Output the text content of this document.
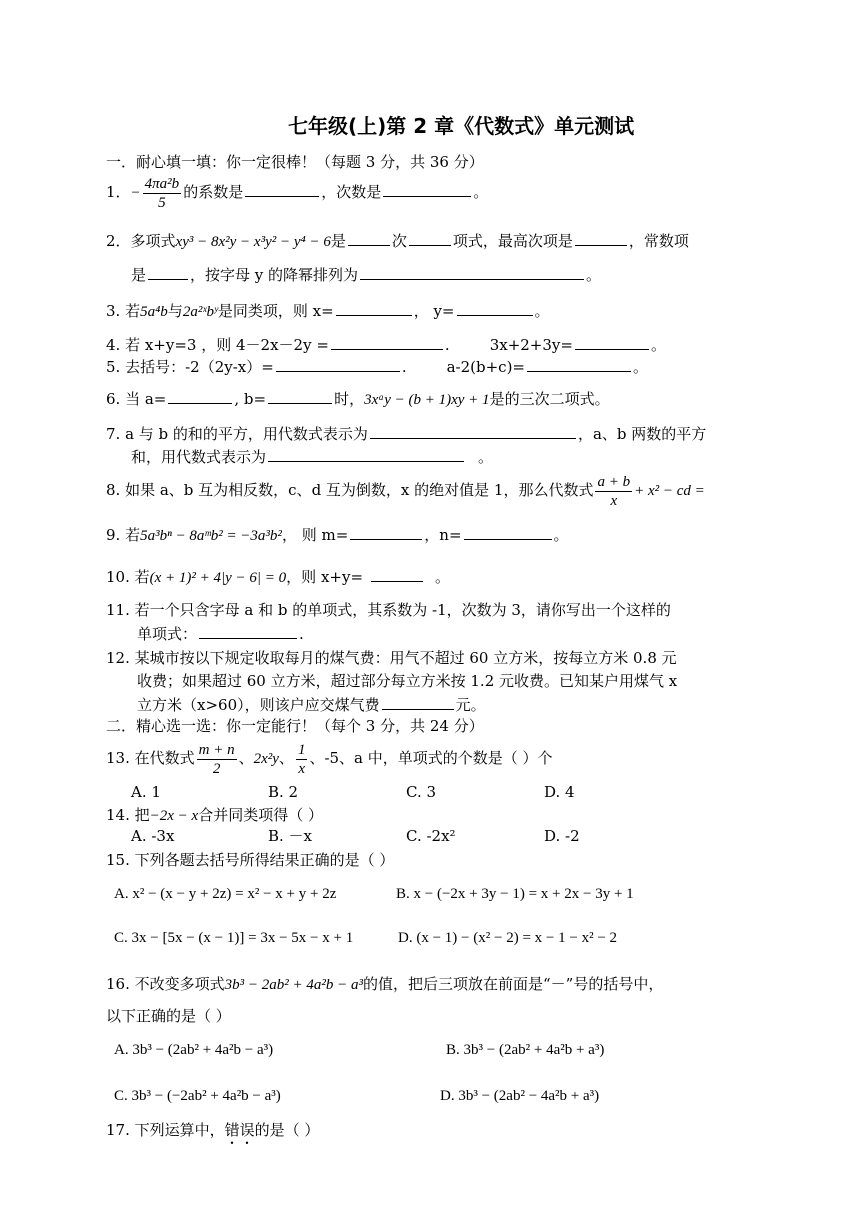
七年级(上)第 2 章《代数式》单元测试
一．耐心填一填：你一定很棒！（每题 3 分，共 36 分）
1．− $\frac{\text{4πa²b}}{5}$ 的系数是	，次数是	。
2．多项式xy³ − 8x²y − x³y² − y⁴ − 6是	次	项式，最高次项是	，常数项
是	，按字母 y 的降幂排列为	。
3. 若5a⁴b与2a²ˣbʸ是同类项，则 x=	， y=	。
4. 若 x+y=3 ，则 4－2x－2y =	.	3x+2+3y=	。
5. 去括号：-2（2y-x）=	.	a-2(b+c)=	。
6. 当 a=	, b=	时，3xᵃy − (b + 1)xy + 1是的三次二项式。
7. a 与 b 的和的平方，用代数式表示为	，a、b 两数的平方
和，用代数式表示为	。
8. 如果 a、b 互为相反数，c、d 互为倒数，x 的绝对值是 1，那么代数式 $\frac{a + b}{x} + x^2$ − cd =
9. 若5a³bⁿ − 8aᵐb² = −3a³b²， 则 m=	，n=	。
10. 若(x + 1)² + 4|y − 6| = 0，则 x+y=	。
11. 若一个只含字母 a 和 b 的单项式，其系数为 -1，次数为 3，请你写出一个这样的
单项式：	.
12. 某城市按以下规定收取每月的煤气费：用气不超过 60 立方米，按每立方米 0.8 元
收费；如果超过 60 立方米，超过部分每立方米按 1.2 元收费。已知某户用煤气 x
立方米（x>60），则该户应交煤气费	元。
二．精心选一选：你一定能行！（每个 3 分，共 24 分）
13. 在代数式 $\frac{m + n}{2}$ 、2x²y、 $\frac{1}{x}$ 、-5、a 中，单项式的个数是（ ）个
A. 1	B. 2	C. 3	D. 4
14. 把−2x − x合并同类项得（ ）
A. -3x	B. －x	C. -2x²	D. -2
15. 下列各题去括号所得结果正确的是（ ）
A. x² − (x − y + 2z) = x² − x + y + 2z	B. x − (−2x + 3y − 1) = x + 2x − 3y + 1
C. 3x − [5x − (x − 1)] = 3x − 5x − x + 1	D. (x − 1) − (x² − 2) = x − 1 − x² − 2
16. 不改变多项式3b³ − 2ab² + 4a²b − a³的值，把后三项放在前面是“－”号的括号中，
以下正确的是（ ）
A. 3b³ − (2ab² + 4a²b − a³)	B. 3b³ − (2ab² + 4a²b + a³)
C. 3b³ − (−2ab² + 4a²b − a³)	D. 3b³ − (2ab² − 4a²b + a³)
17. 下列运算中，错误的是（ ）
